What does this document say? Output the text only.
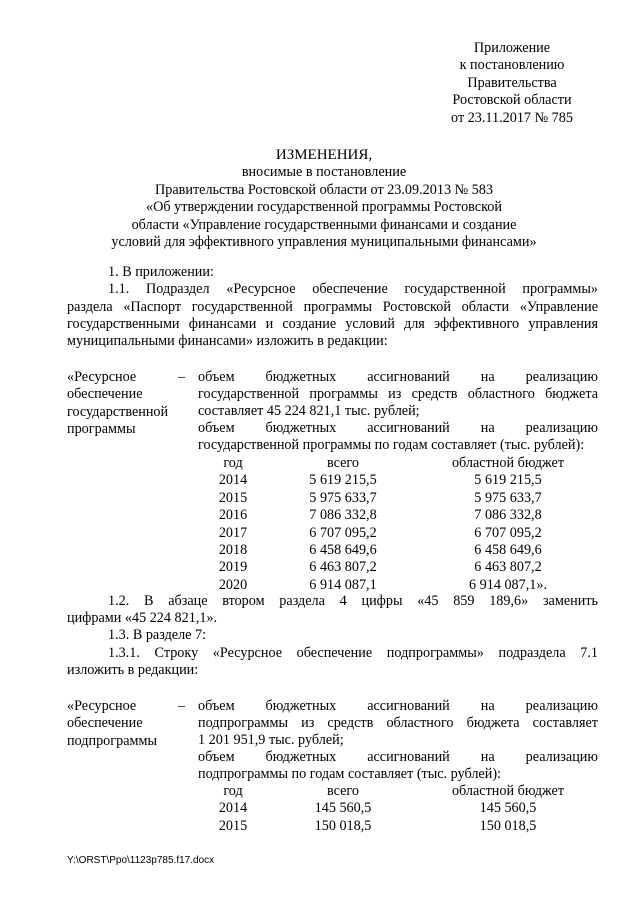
Приложение
к постановлению
Правительства
Ростовской области
от 23.11.2017 № 785
ИЗМЕНЕНИЯ,
вносимые в постановление
Правительства Ростовской области от 23.09.2013 № 583
«Об утверждении государственной программы Ростовской
области «Управление государственными финансами и создание
условий для эффективного управления муниципальными финансами»
1. В приложении:
1.1. Подраздел «Ресурсное обеспечение государственной программы»
раздела «Паспорт государственной программы Ростовской области «Управление
государственными финансами и создание условий для эффективного управления
муниципальными финансами» изложить в редакции:
«Ресурсное
обеспечение
государственной
программы
– объем бюджетных ассигнований на реализацию
государственной программы из средств областного бюджета
составляет 45 224 821,1 тыс. рублей;
объем бюджетных ассигнований на реализацию
государственной программы по годам составляет (тыс. рублей):
год	всего	областной бюджет
2014	5 619 215,5	5 619 215,5
2015	5 975 633,7	5 975 633,7
2016	7 086 332,8	7 086 332,8
2017	6 707 095,2	6 707 095,2
2018	6 458 649,6	6 458 649,6
2019	6 463 807,2	6 463 807,2
2020	6 914 087,1	6 914 087,1».
1.2. В абзаце втором раздела 4 цифры «45 859 189,6» заменить
цифрами «45 224 821,1».
1.3. В разделе 7:
1.3.1. Строку «Ресурсное обеспечение подпрограммы» подраздела 7.1
изложить в редакции:
«Ресурсное
обеспечение
подпрограммы
– объем бюджетных ассигнований на реализацию
подпрограммы из средств областного бюджета составляет
1 201 951,9 тыс. рублей;
объем бюджетных ассигнований на реализацию
подпрограммы по годам составляет (тыс. рублей):
год	всего	областной бюджет
2014	145 560,5	145 560,5
2015	150 018,5	150 018,5
Y:\ORST\Ppo\1123p785.f17.docx
